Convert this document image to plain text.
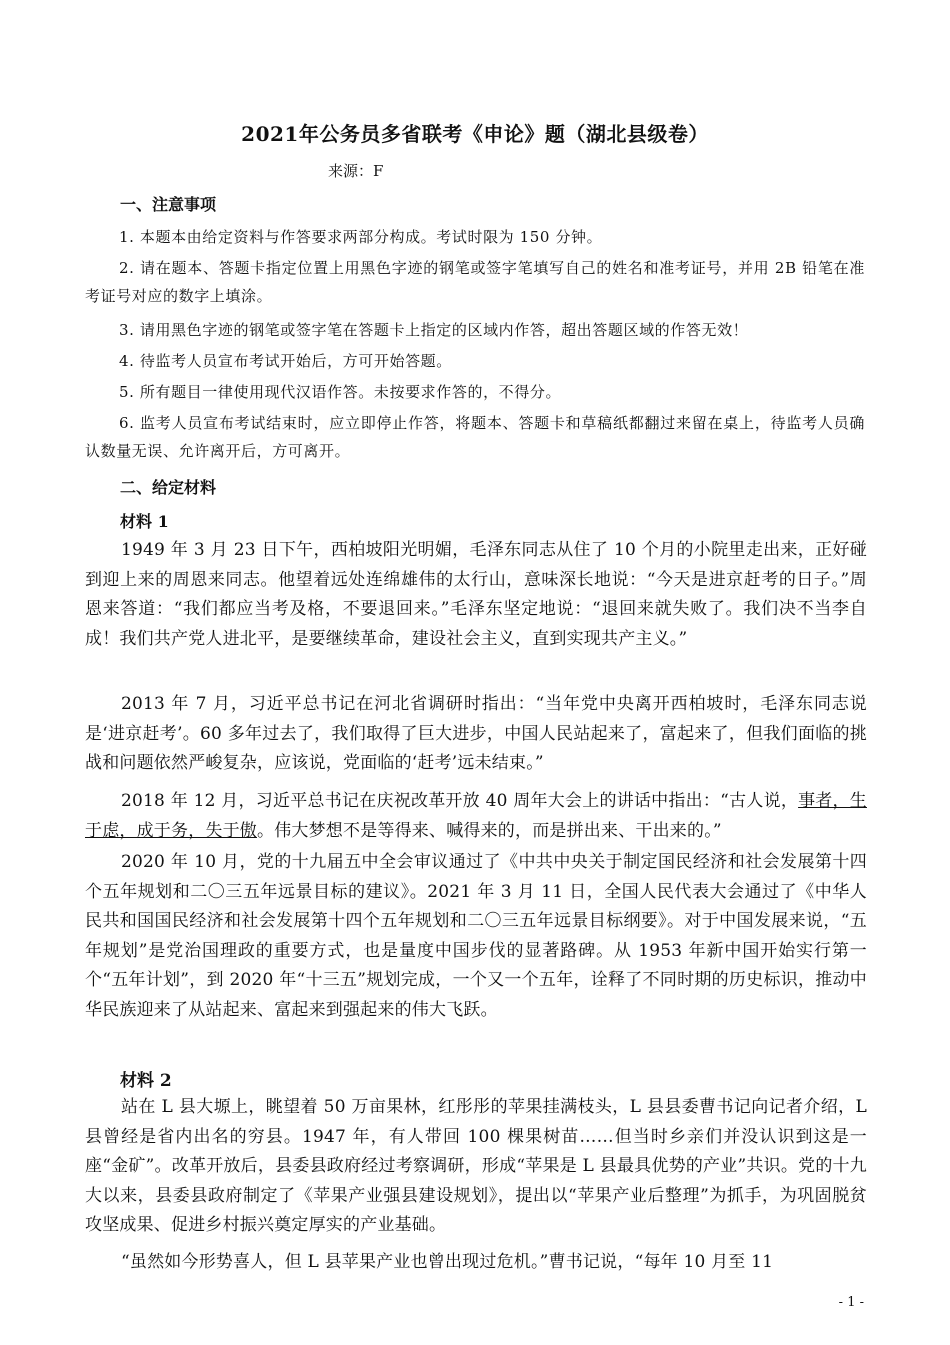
2021年公务员多省联考《申论》题（湖北县级卷）
来源：F
一、注意事项
1. 本题本由给定资料与作答要求两部分构成。考试时限为 150 分钟。
2. 请在题本、答题卡指定位置上用黑色字迹的钢笔或签字笔填写自己的姓名和准考证号，并用 2B 铅笔在准考证号对应的数字上填涂。
3. 请用黑色字迹的钢笔或签字笔在答题卡上指定的区域内作答，超出答题区域的作答无效！
4. 待监考人员宣布考试开始后，方可开始答题。
5. 所有题目一律使用现代汉语作答。未按要求作答的，不得分。
6. 监考人员宣布考试结束时，应立即停止作答，将题本、答题卡和草稿纸都翻过来留在桌上，待监考人员确认数量无误、允许离开后，方可离开。
二、给定材料
材料 1
1949 年 3 月 23 日下午，西柏坡阳光明媚，毛泽东同志从住了 10 个月的小院里走出来，正好碰到迎上来的周恩来同志。他望着远处连绵雄伟的太行山，意味深长地说：“今天是进京赶考的日子。”周恩来答道：“我们都应当考及格，不要退回来。”毛泽东坚定地说：“退回来就失败了。我们决不当李自成！我们共产党人进北平，是要继续革命，建设社会主义，直到实现共产主义。”
2013 年 7 月，习近平总书记在河北省调研时指出：“当年党中央离开西柏坡时，毛泽东同志说是‘进京赶考’。60 多年过去了，我们取得了巨大进步，中国人民站起来了，富起来了，但我们面临的挑战和问题依然严峻复杂，应该说，党面临的‘赶考’远未结束。”
2018 年 12 月，习近平总书记在庆祝改革开放 40 周年大会上的讲话中指出：“古人说，事者，生于虑，成于务，失于傲。伟大梦想不是等得来、喊得来的，而是拼出来、干出来的。”
2020 年 10 月，党的十九届五中全会审议通过了《中共中央关于制定国民经济和社会发展第十四个五年规划和二〇三五年远景目标的建议》。2021 年 3 月 11 日，全国人民代表大会通过了《中华人民共和国国民经济和社会发展第十四个五年规划和二〇三五年远景目标纲要》。对于中国发展来说，“五年规划”是党治国理政的重要方式，也是量度中国步伐的显著路碑。从 1953 年新中国开始实行第一个“五年计划”，到 2020 年“十三五”规划完成，一个又一个五年，诠释了不同时期的历史标识，推动中华民族迎来了从站起来、富起来到强起来的伟大飞跃。
材料 2
站在 L 县大塬上，眺望着 50 万亩果林，红彤彤的苹果挂满枝头，L 县县委曹书记向记者介绍，L 县曾经是省内出名的穷县。1947 年，有人带回 100 棵果树苗……但当时乡亲们并没认识到这是一座“金矿”。改革开放后，县委县政府经过考察调研，形成“苹果是 L 县最具优势的产业”共识。党的十九大以来，县委县政府制定了《苹果产业强县建设规划》，提出以“苹果产业后整理”为抓手，为巩固脱贫攻坚成果、促进乡村振兴奠定厚实的产业基础。
“虽然如今形势喜人，但 L 县苹果产业也曾出现过危机。”曹书记说，“每年 10 月至 11
- 1 -
